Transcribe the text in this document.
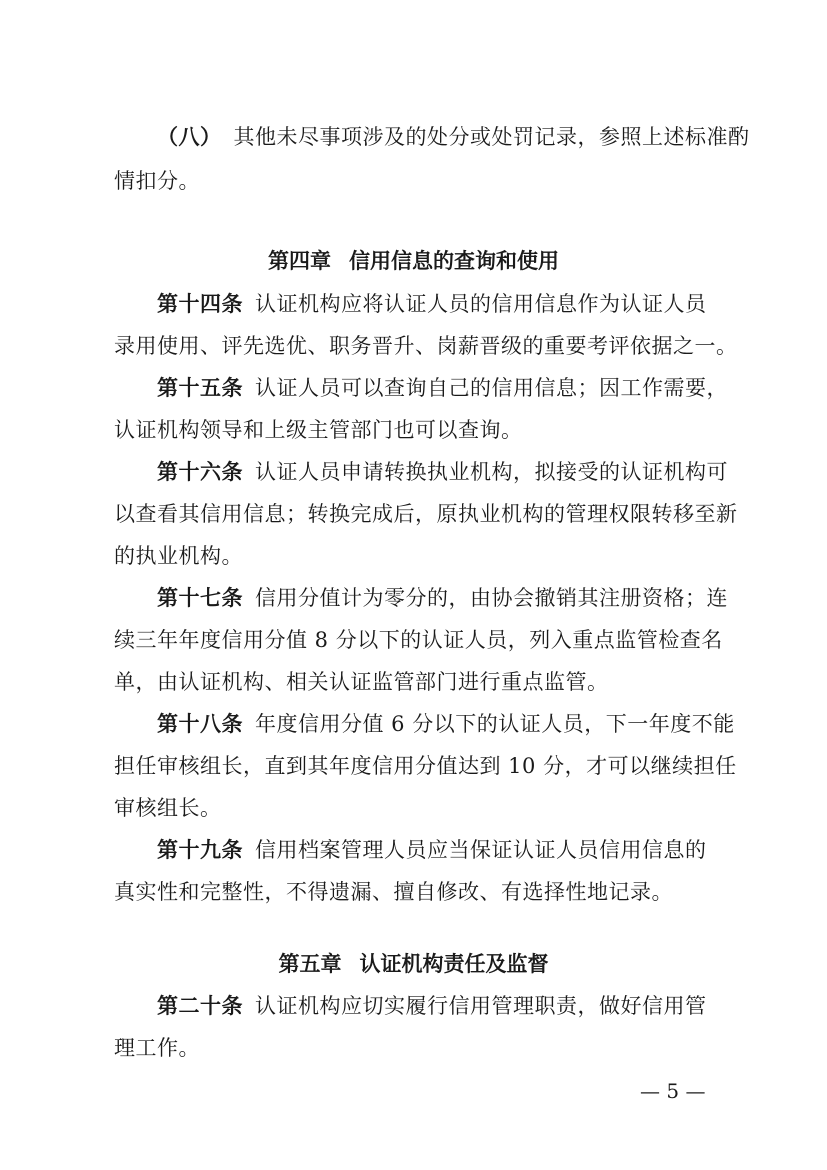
（八） 其他未尽事项涉及的处分或处罚记录，参照上述标准酌
情扣分。
第四章 信用信息的查询和使用
第十四条 认证机构应将认证人员的信用信息作为认证人员
录用使用、评先选优、职务晋升、岗薪晋级的重要考评依据之一。
第十五条 认证人员可以查询自己的信用信息；因工作需要，
认证机构领导和上级主管部门也可以查询。
第十六条 认证人员申请转换执业机构，拟接受的认证机构可
以查看其信用信息；转换完成后，原执业机构的管理权限转移至新
的执业机构。
第十七条 信用分值计为零分的，由协会撤销其注册资格；连
续三年年度信用分值 8 分以下的认证人员，列入重点监管检查名
单，由认证机构、相关认证监管部门进行重点监管。
第十八条 年度信用分值 6 分以下的认证人员，下一年度不能
担任审核组长，直到其年度信用分值达到 10 分，才可以继续担任
审核组长。
第十九条 信用档案管理人员应当保证认证人员信用信息的
真实性和完整性，不得遗漏、擅自修改、有选择性地记录。
第五章 认证机构责任及监督
第二十条 认证机构应切实履行信用管理职责，做好信用管
理工作。
— 5 —
